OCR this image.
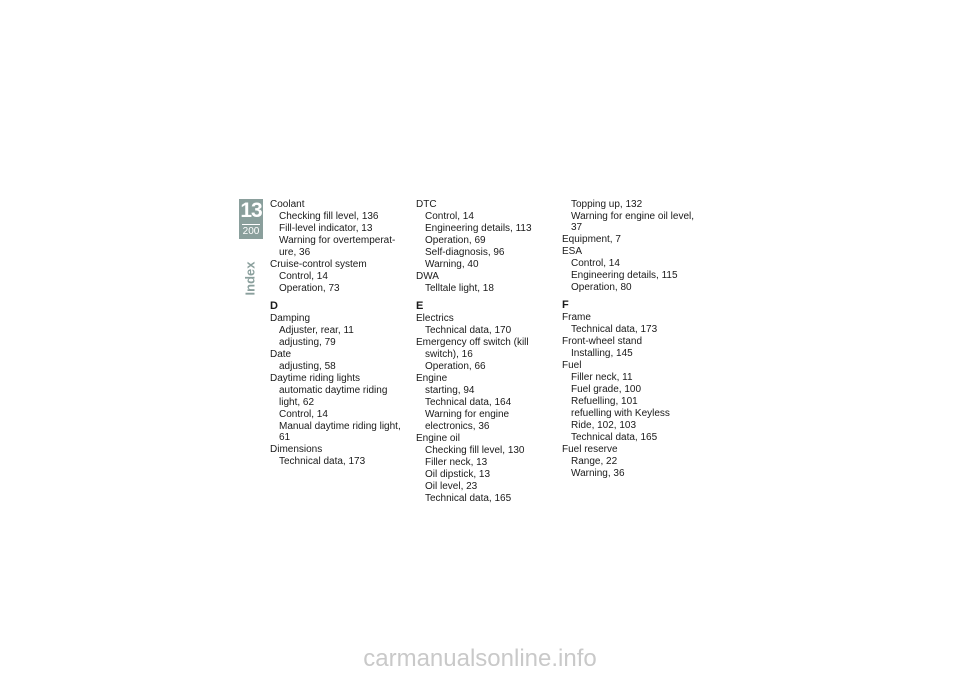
13
200
Index
Coolant
Checking fill level, 136
Fill-level indicator, 13
Warning for overtemperat-
ure, 36
Cruise-control system
Control, 14
Operation, 73
D
Damping
Adjuster, rear, 11
adjusting, 79
Date
adjusting, 58
Daytime riding lights
automatic daytime riding
light, 62
Control, 14
Manual daytime riding light, 61
Dimensions
Technical data, 173
DTC
Control, 14
Engineering details, 113
Operation, 69
Self-diagnosis, 96
Warning, 40
DWA
Telltale light, 18
E
Electrics
Technical data, 170
Emergency off switch (kill
switch), 16
Operation, 66
Engine
starting, 94
Technical data, 164
Warning for engine
electronics, 36
Engine oil
Checking fill level, 130
Filler neck, 13
Oil dipstick, 13
Oil level, 23
Technical data, 165
Topping up, 132
Warning for engine oil level, 37
Equipment, 7
ESA
Control, 14
Engineering details, 115
Operation, 80
F
Frame
Technical data, 173
Front-wheel stand
Installing, 145
Fuel
Filler neck, 11
Fuel grade, 100
Refuelling, 101
refuelling with Keyless
Ride, 102, 103
Technical data, 165
Fuel reserve
Range, 22
Warning, 36
carmanualsonline.info
